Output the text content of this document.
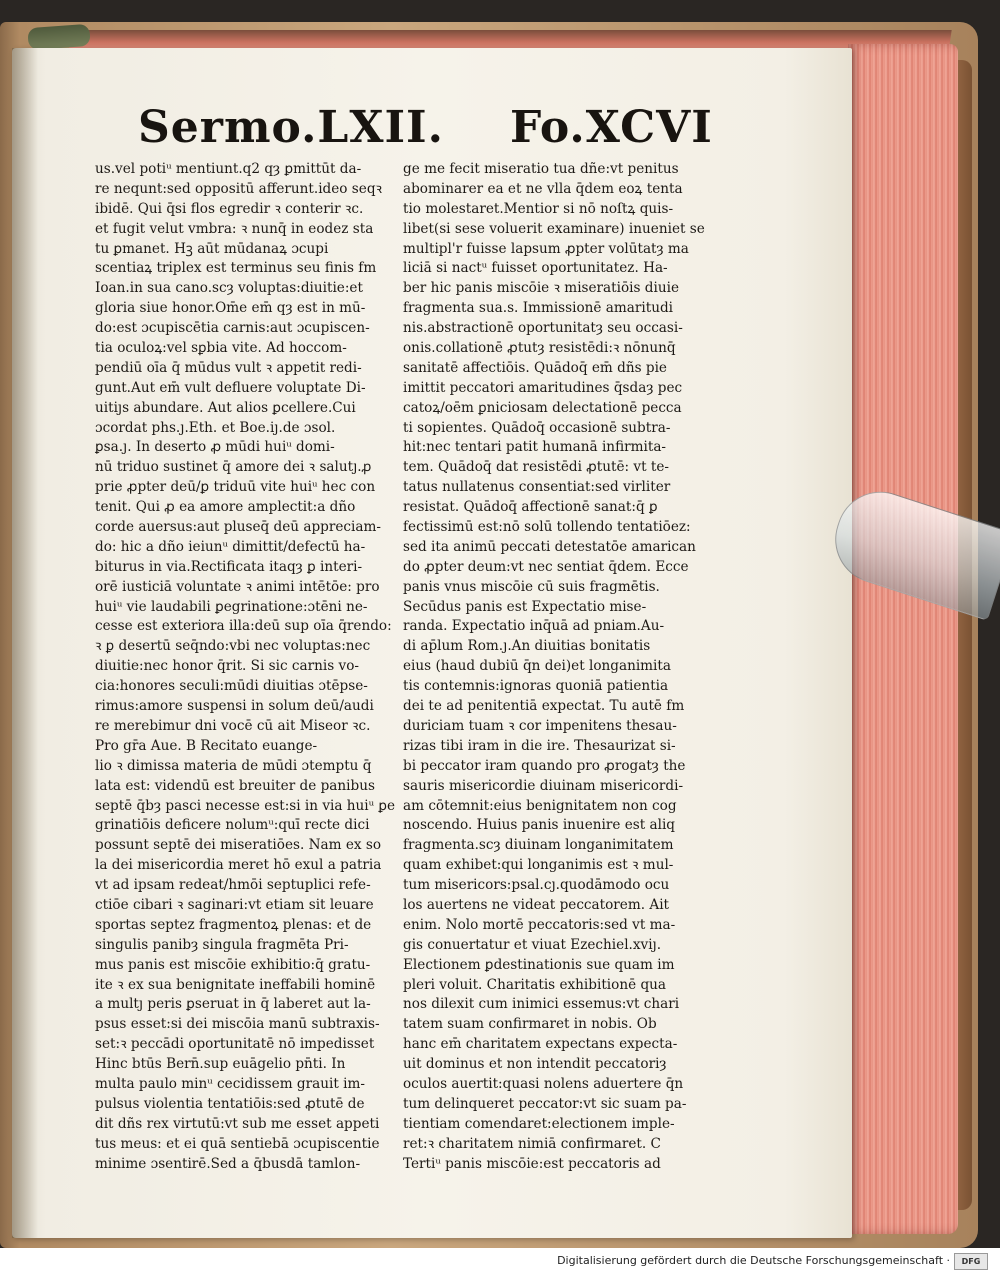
Sermo.LXII. Fo.XCVI
us.vel potiᵘ mentiunt.q2 qȝ ꝑmittūt da-
re nequnt:sed oppositū afferunt.ideo seqꝛ
ibidē. Qui q̄si flos egredir ꝛ conterir ꝛc.
et fugit velut vmbra: ꝛ nunq̄ in eodez sta
tu ꝑmanet. Hꝫ aūt mūdanaꝝ ɔcupi
scentiaꝝ triplex est terminus seu finis fm
Ioan.in sua cano.scȝ voluptas:diuitie:et
gloria siue honor.Om̄e em̄ qȝ est in mū-
do:est ɔcupiscētia carnis:aut ɔcupiscen-
tia oculoꝝ:vel sꝑbia vite. Ad hoccom-
pendiū oīa q̄ mūdus vult ꝛ appetit redi-
gunt.Aut em̄ vult defluere voluptate Di-
uitiȷs abundare. Aut alios ꝑcellere.Cui
ɔcordat phs.ȷ.Eth. et Boe.iȷ.de ɔsol.
ꝑsa.ȷ. In deserto ꝓ mūdi huiᵘ domi-
nū triduo sustinet q̄ amore dei ꝛ salutȷ.ꝓ
prie ꝓpter deū/ꝑ triduū vite huiᵘ hec con
tenit. Qui ꝓ ea amore amplectit:a dño
corde auersus:aut pluseq̄ deū appreciam-
do: hic a dño ieiunᵘ dimittit/defectū ha-
biturus in via.Rectificata itaqȝ ꝑ interi-
orē iusticiā voluntate ꝛ animi intētōe: pro
huiᵘ vie laudabili ꝑegrinatione:ɔtēni ne-
cesse est exteriora illa:deū sup oīa q̄rendo:
ꝛ ꝑ desertū seq̄ndo:vbi nec voluptas:nec
diuitie:nec honor q̄rit. Si sic carnis vo-
cia:honores seculi:mūdi diuitias ɔtēpse-
rimus:amore suspensi in solum deū/audi
re merebimur dni vocē cū ait Miseor ꝛc.
Pro gr̄a Aue. B Recitato euange-
lio ꝛ dimissa materia de mūdi ɔtemptu q̄
lata est: videndū est breuiter de panibus
septē q̄bȝ pasci necesse est:si in via huiᵘ ꝑe
grinatiōis deficere nolumᵘ:quī recte dici
possunt septē dei miseratiōes. Nam ex so
la dei misericordia meret hō exul a patria
vt ad ipsam redeat/hmōi septuplici refe-
ctiōe cibari ꝛ saginari:vt etiam sit leuare
sportas septez fragmentoꝝ plenas: et de
singulis panibȝ singula fragmēta Pri-
mus panis est miscōie exhibitio:q̄ gratu-
ite ꝛ ex sua benignitate ineffabili hominē
a multȷ peris ꝑseruat in q̄ laberet aut la-
psus esset:si dei miscōia manū subtraxis-
set:ꝛ peccādi oportunitatē nō impedisset
Hinc btūs Bern̄.sup euāgelio pn̄ti. In
multa paulo minᵘ cecidissem grauit im-
pulsus violentia tentatiōis:sed ꝓtutē de
dit dñs rex virtutū:vt sub me esset appeti
tus meus: et ei quā sentiebā ɔcupiscentie
minime ɔsentirē.Sed a q̄busdā tamlon-
ge me fecit miseratio tua dñe:vt penitus
abominarer ea et ne vlla q̄dem eoꝝ tenta
tio molestaret.Mentior si nō noſtꝝ quis-
libet(si sese voluerit examinare) inueniet se
multipl'r fuisse lapsum ꝓpter volūtatȝ ma
liciā si nactᵘ fuisset oportunitatez. Ha-
ber hic panis miscōie ꝛ miseratiōis diuie
fragmenta sua.s. Immissionē amaritudi
nis.abstractionē oportunitatȝ seu occasi-
onis.collationē ꝓtutȝ resistēdi:ꝛ nōnunq̄
sanitatē affectiōis. Quādoq̄ em̄ dñs pie
imittit peccatori amaritudines q̄sdaȝ pec
catoꝝ/oēm ꝑniciosam delectationē pecca
ti sopientes. Quādoq̄ occasionē subtra-
hit:nec tentari patit humanā infirmita-
tem. Quādoq̄ dat resistēdi ꝓtutē: vt te-
tatus nullatenus consentiat:sed virliter
resistat. Quādoq̄ affectionē sanat:q̄ ꝑ
fectissimū est:nō solū tollendo tentatiōez:
sed ita animū peccati detestatōe amarican
do ꝓpter deum:vt nec sentiat q̄dem. Ecce
panis vnus miscōie cū suis fragmētis.
Secūdus panis est Expectatio mise-
randa. Expectatio inq̄uā ad pniam.Au-
di ap̄lum Rom.ȷ.An diuitias bonitatis
eius (haud dubiū q̄n dei)et longanimita
tis contemnis:ignoras quoniā patientia
dei te ad penitentiā expectat. Tu autē fm
duriciam tuam ꝛ cor impenitens thesau-
rizas tibi iram in die ire. Thesaurizat si-
bi peccator iram quando pro ꝓrogatȝ the
sauris misericordie diuinam misericordi-
am cōtemnit:eius benignitatem non cog
noscendo. Huius panis inuenire est aliq
fragmenta.scȝ diuinam longanimitatem
quam exhibet:qui longanimis est ꝛ mul-
tum misericors:psal.cȷ.quodāmodo ocu
los auertens ne videat peccatorem. Ait
enim. Nolo mortē peccatoris:sed vt ma-
gis conuertatur et viuat Ezechiel.xviȷ.
Electionem ꝑdestinationis sue quam im
pleri voluit. Charitatis exhibitionē qua
nos dilexit cum inimici essemus:vt chari
tatem suam confirmaret in nobis. Ob
hanc em̄ charitatem expectans expecta-
uit dominus et non intendit peccatoriȝ
oculos auertit:quasi nolens aduertere q̄n
tum delinqueret peccator:vt sic suam pa-
tientiam comendaret:electionem imple-
ret:ꝛ charitatem nimiā confirmaret. C
Tertiᵘ panis miscōie:est peccatoris ad
Digitalisierung gefördert durch die Deutsche Forschungsgemeinschaft ·	DFG
